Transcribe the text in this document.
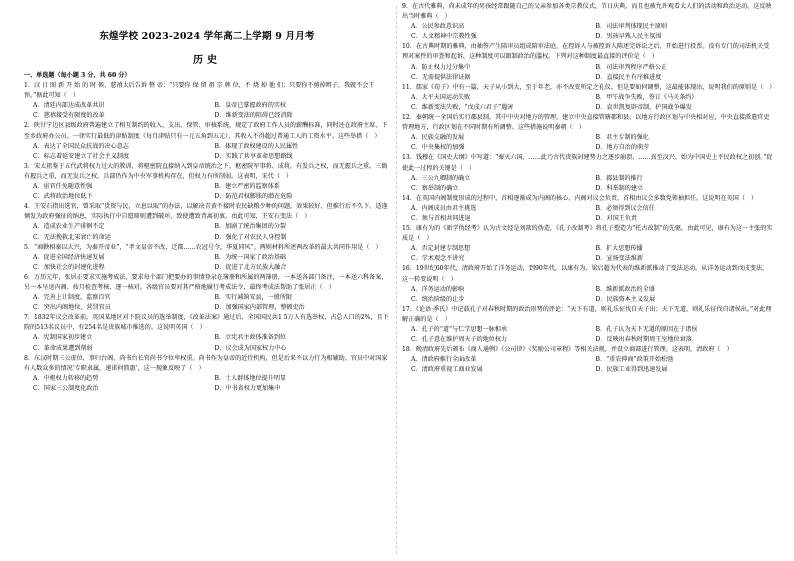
东煌学校 2023-2024 学年高二上学期 9 月月考
历史
一、单选题（每小题 3 分，共 60 分）

1．汉 日 图 新 开 始 的 时 候，慈禧太后告诉 整 帝：“只要你 保 留 祖 宗 牌 位，不 烧 掉 他 们；只要你不剪掉辫子，我就不会干预。”据此可知（　）

A．清廷内部达成改革共识	B．皇帝已掌握政府的实权
C．慈禧接受有限度的改革	D．维新变法的阻碍已经消除

2．陕甘宁边区县级政府普遍建立了相互制约的收入、支出、保管、审核系统，规定了政府工作人员的薪酬标准，同时还在政府主席、下至乡政府办公员。一律实行最低的津贴制度（每月津贴只有一元五角到五元），其收入不得超过普通工人的工资水平。这些举措（　）

A．表达了全国民众抗战的决心意志	B．体现了政权建设的人民属性
C．标志着延安建立了社会主义制度	D．实践了共享革命思想路线

3．宋太祖鉴于五代武将权力过大的教训，将枢密院直接纳入到皇帝统治之下，枢密院军事将、成将，有发兵之权，而无握兵之重。三衙有握兵之重，而无发兵之权，兵部仍作为中央军事机构存在，但权力有所削弱。这表明，宋代（　）

A．宦官任免随意性强	B．建立严密的监察体系
C．武将政治地位低下	D．防范君权膨胀的潜在危险

4．王安石指出选官，曾采取“货资与民，立息以取”的办法，以解决青黄不接时农民缺粮少种的问题，效果较好，但推行后不久下。适逢倾发为政府强征的纳息，实际执行中自愿原则遭到破坏，致使遭致背离初衷。由此可知，王安石变法（　）

A．造成农业生产徘徊不定	B．加剧了统治集团的分裂
C．无法挽救北宋衰亡的命运	D．强化了对农民人身控制

5．“商鞅相秦以大兴，为秦开帝业”，“孝文皇帝不改，迁都……农冠号令，华夏同风”。两则材料所述两改革的最大共同作用是（　）

A．促进全国经济快速发展	B．为统一国家了政治基础
C．加快社会的封建化进程	D．促进了北方民族大融合

6．万历元年，张居正要求实施考成法，要求每个部门把要办的事情登录在簿册和所属的两簿册，一本送各部门备注，一本送六科备案，另一本呈送内阁、按月检查考核，逐一核对。各级官员要对其严格地履行考成法令，最终考成法帮助了张居正（　）

A．完善上计制度，监察百官	B．实行减饷安县，一般所限
C．突出内阁地位，营罚官员	D．加强国家内部管理，整顿吏治

7．1832年议会改革前，英国某地区对下院议员的选举制度，《改革法案》通过后，全国国民共1 5万人有选举权，占总人口的2%，且下院的513名议员中，有254名是贵族城市推选的。这说明英国（　）

A．宪制国家初步建立	B．立宪君主政体准备到位
C．革命成果遭到削弱	D．议会成为国家权力中心

8．东汉时期三公虚位，事归台阁，尚书台长官尚书令位卑权重。尚书作为皇帝的近侍机构，但是后来不以力行为相辅助，官员中对国家有人数众多的情况‘专职隶属，递诺何简惠’，这一现象反映了（　）

A．中枢权力转移的趋势	B．士人群体地位提升明显
C．国家三公制度化政治	D．中书省权力更加集中

9．在古代雅典，尚未成年的男孩经常跟随自己的父亲参加各类宗教仪式、节日庆典，而且也被允许观看大人们的活动和政治运动。这反映出当时雅典（　）

A．公民参政意识高	B．司法审判体现民主原则
C．人文精神中宗教性强	D．男孩早熟人民主氛围

10．在古典时期的雅典，由抽签产生陪审员组成陪审法庭，在控诉人与被控诉人陈述完诉讼之后，开始进行投票。没有专门的司法机关受理对案件的审查和起诉，这种制度可以限制政治的滥权。下列对这种制度最直接的评价是（　）

A．防止权力过分集中	B．司法审判程序严格公正
C．无需提供法律证据	D．直接民主有序推进度

11．儒家《荀子》中有一篇，天子从小到大，至于年老，亦不改变所定之礼仪。但是要如何调整，这最能体现出，说明我们的原则是（　）

A．大平天国运动失败	B．甲午战争失败，签订《马关条约》
C．维新变法失败，“戊戌六君子”遇害	D．袁世凯复辟帝制，护国战争爆发

12．秦朝统一全国后实行郡县制，其中中央对地方的管理，建立中央直接管辖郡和县，以地方行政区划与中央相对应，中央直接派遣官吏管理地方，行政区划在不同时期有所调整。这些措施说明秦朝（　）

A．民族交融的发展	B．君主专制的强化
C．中央集权的加强	D．地方自治的萌芽

13．钱穆在《国史大纲》中写道：“秦灭六国，……此乃古代贵族封建势力之逐步崩溃，……真至汉兴，始为中国史上平民政权之初创。”促使此一过程的关键是（　）

A．三公九卿制的确立	B．郡县制的推行
C．察举制的确立	D．科举制的建立

14．在英国内阁制度形成的过程中，首相逐渐成为内阁的核心，内阁对议会负责，首相由议会多数党领袖担任。这说明在英国（　）

A．内阁成员由君主挑选	B．必须得到议会信任
C．须与首相共同进退	D．对国王负责

15．康有为的《新学伪经考》认为古文经是刘歆的伪造，《孔子改制考》将孔子塑造为“托古改制”的先驱。由此可见，康有为这一主张的实质是（　）

A．否定封建专制思想	B．扩大思想传播
C．学术观念不讲究	D．宣扬变法维新

16．19世纪60年代，清政府开始了洋务运动，到90年代，以康有为、梁启超为代表的维新派推动了变法运动。从洋务运动到戊戌变法，这一转变说明（　）

A．洋务运动的影响	B．维新派政治的全盛
C．统治阶级的让步	D．民族资本主义发展

17．《论语·季氏》中记载孔子对春秋时期的政治形势的评论：“天下有道，则礼乐征伐自天子出；天下无道，则礼乐征伐自诸侯出。”对此理解正确的是（　）

A．孔子的“道”与仁学思想一脉相承	B．孔子认为天下无道的原因在于诸侯
C．孔子意在维护周天子的地位权力	D．反映出春秋时期周王室地位衰落

18．晚清政府先后颁布《商人通例》《公司律》《奖励公司章程》等相关法规，并设立商部进行管理。这表明，清政府（　）

A．清政府推行全面改革	B．“重农抑商”政策开始松弛
C．清政府重视工商业发展	D．民族工业得到迅速发展
